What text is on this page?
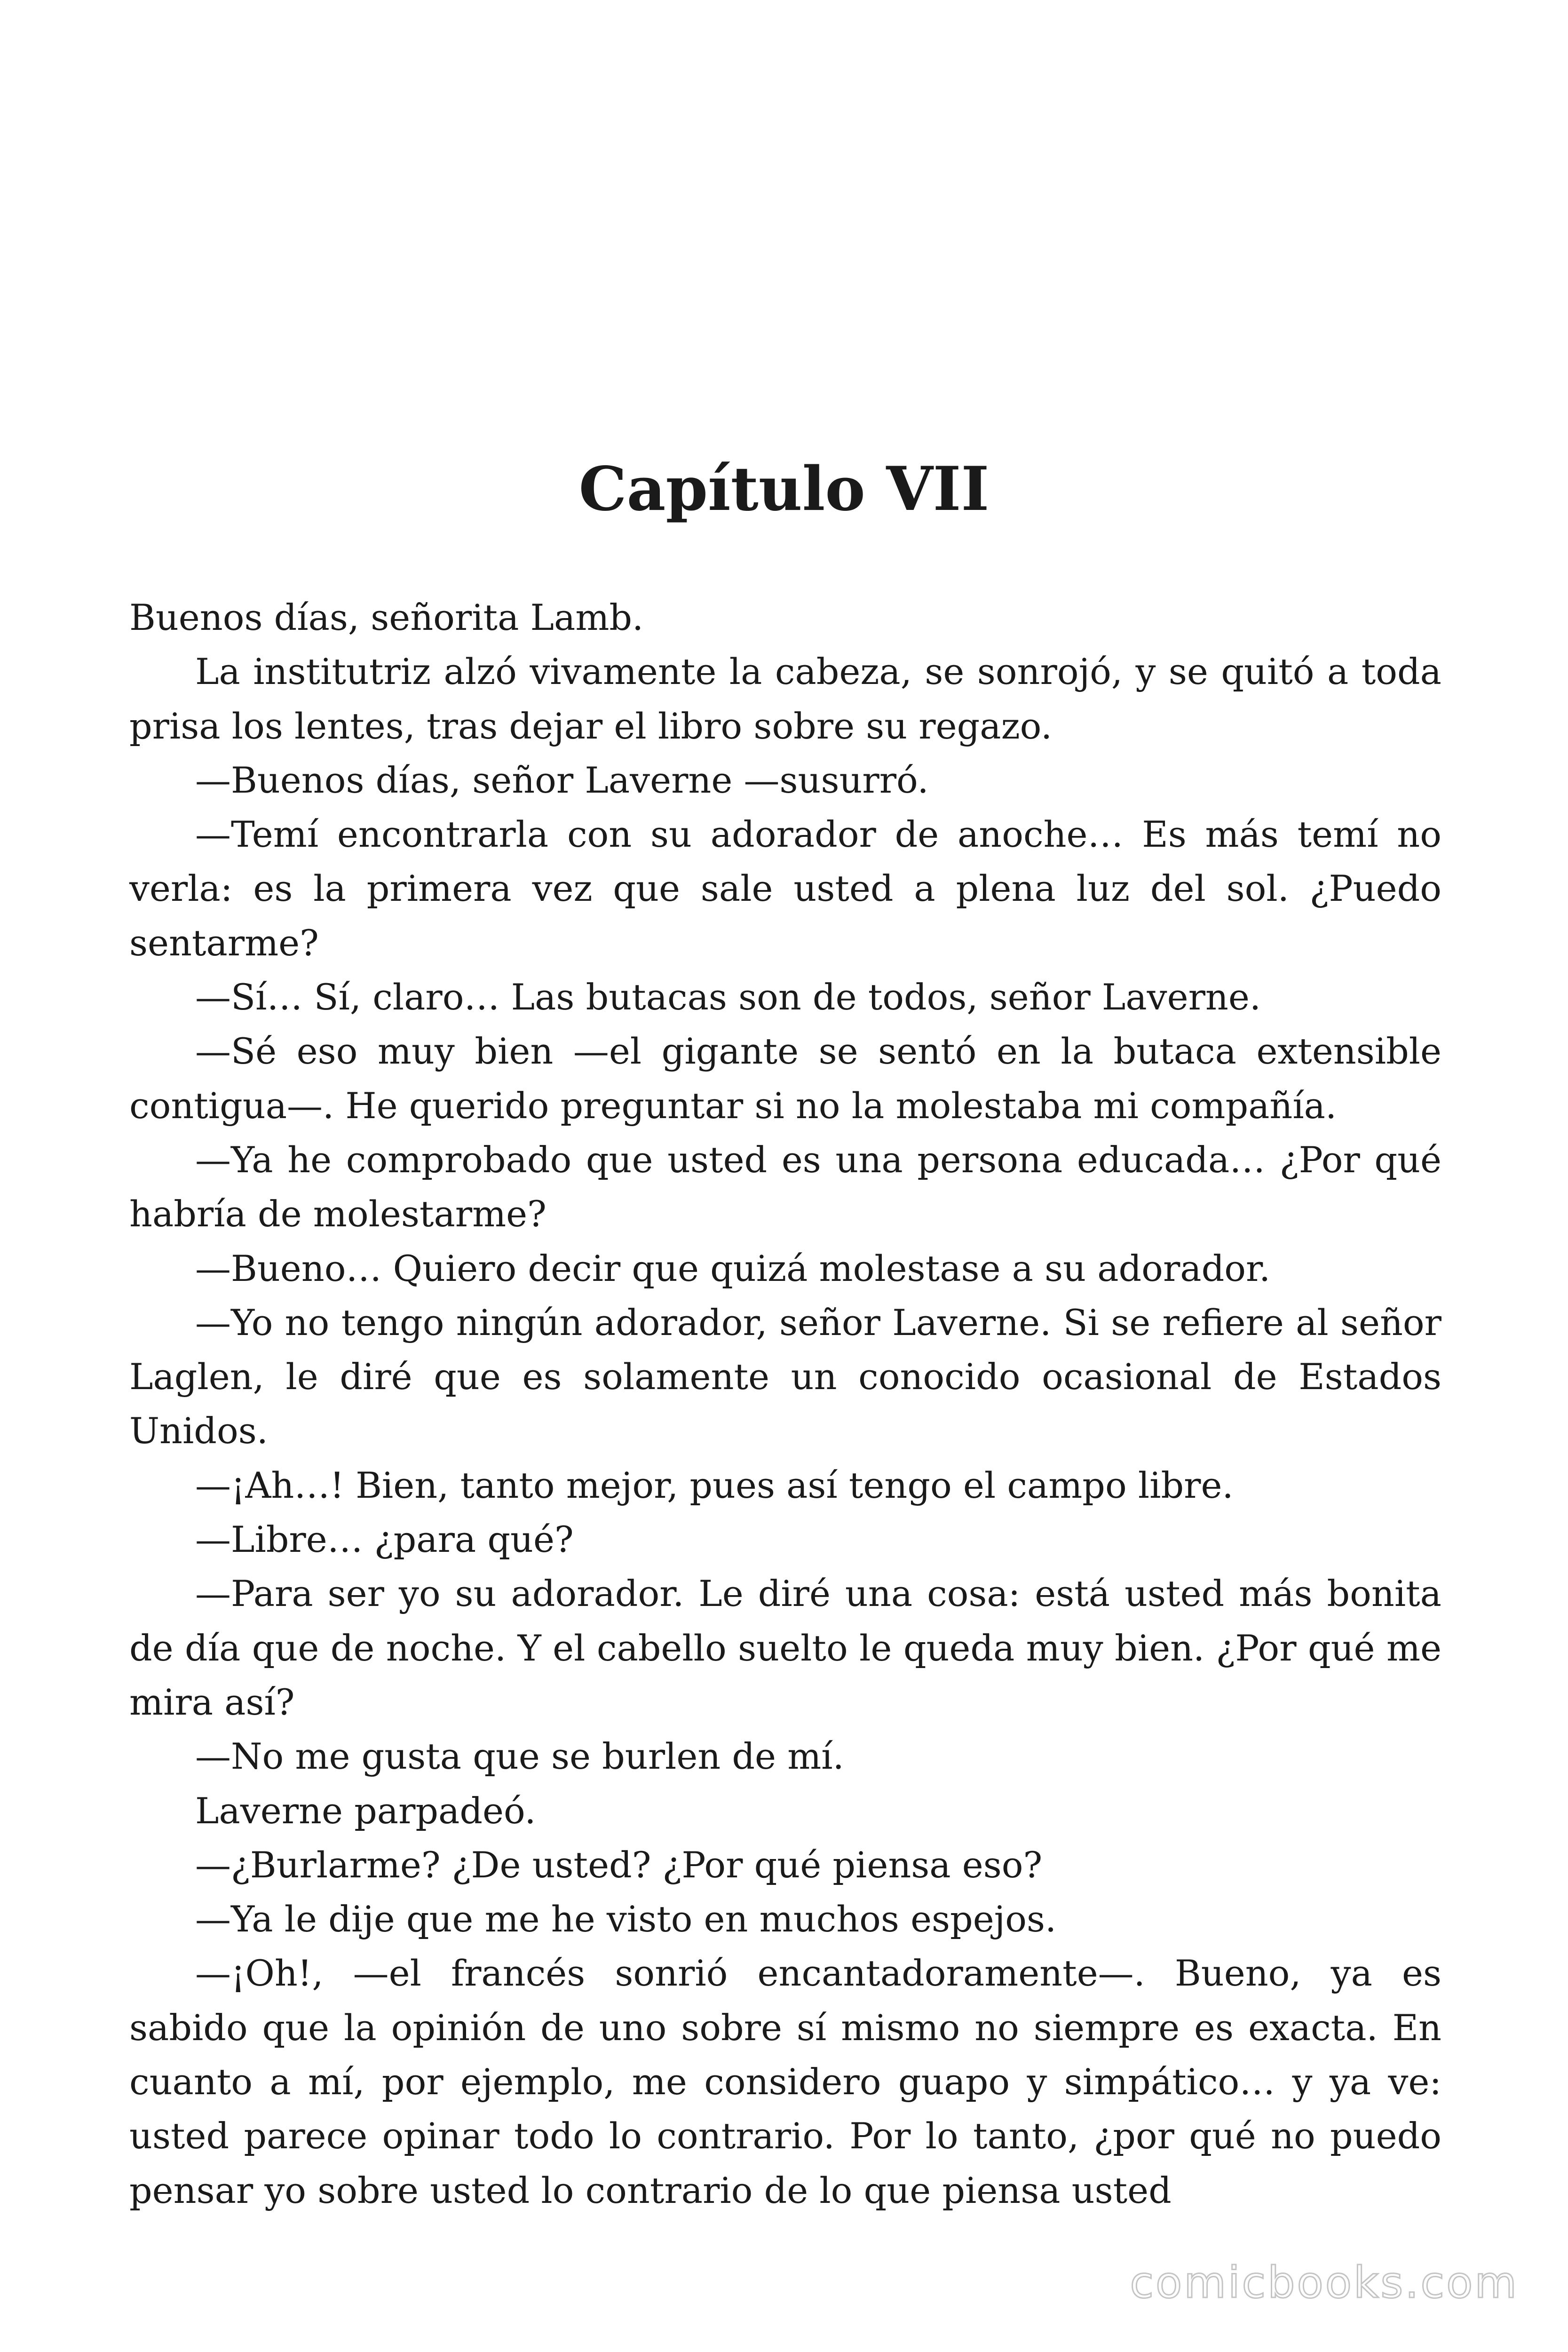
Capítulo VII

Buenos días, señorita Lamb.

La institutriz alzó vivamente la cabeza, se sonrojó, y se quitó a toda prisa los lentes, tras dejar el libro sobre su regazo.

—Buenos días, señor Laverne —susurró.

—Temí encontrarla con su adorador de anoche… Es más temí no verla: es la primera vez que sale usted a plena luz del sol. ¿Puedo sentarme?

—Sí… Sí, claro… Las butacas son de todos, señor Laverne.

—Sé eso muy bien —el gigante se sentó en la butaca extensible contigua—. He querido preguntar si no la molestaba mi compañía.

—Ya he comprobado que usted es una persona educada… ¿Por qué habría de molestarme?

—Bueno… Quiero decir que quizá molestase a su adorador.

—Yo no tengo ningún adorador, señor Laverne. Si se refiere al señor Laglen, le diré que es solamente un conocido ocasional de Estados Unidos.

—¡Ah…! Bien, tanto mejor, pues así tengo el campo libre.

—Libre… ¿para qué?

—Para ser yo su adorador. Le diré una cosa: está usted más bonita de día que de noche. Y el cabello suelto le queda muy bien. ¿Por qué me mira así?

—No me gusta que se burlen de mí.

Laverne parpadeó.

—¿Burlarme? ¿De usted? ¿Por qué piensa eso?

—Ya le dije que me he visto en muchos espejos.

—¡Oh!, —el francés sonrió encantadoramente—. Bueno, ya es sabido que la opinión de uno sobre sí mismo no siempre es exacta. En cuanto a mí, por ejemplo, me considero guapo y simpático… y ya ve: usted parece opinar todo lo contrario. Por lo tanto, ¿por qué no puedo pensar yo sobre usted lo contrario de lo que piensa usted

comicbooks.com
